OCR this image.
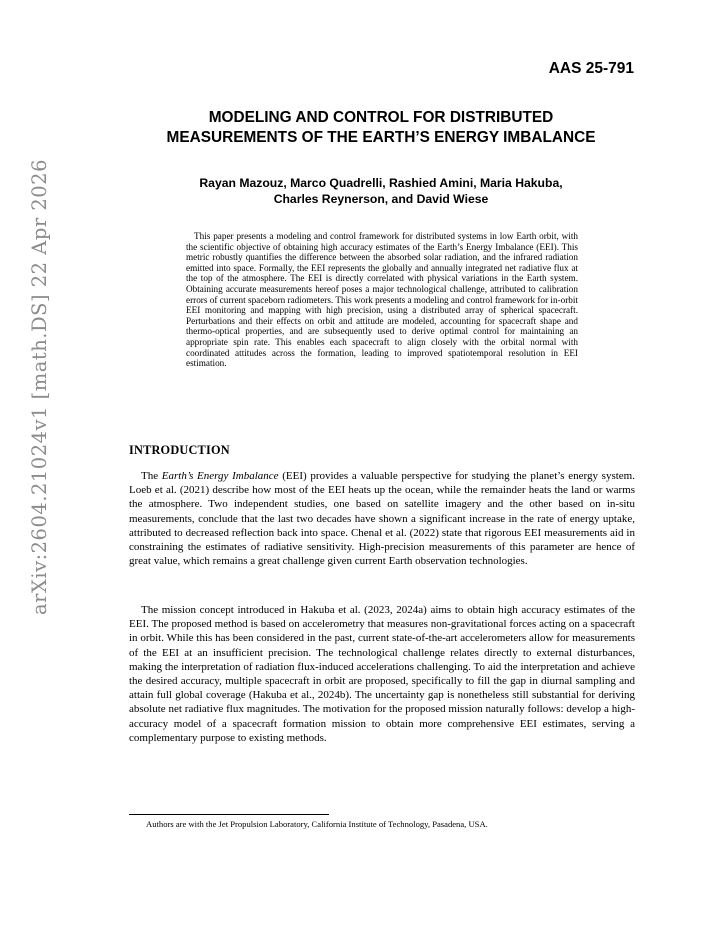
arXiv:2604.21024v1 [math.DS] 22 Apr 2026
AAS 25-791
MODELING AND CONTROL FOR DISTRIBUTED
MEASUREMENTS OF THE EARTH’S ENERGY IMBALANCE
Rayan Mazouz, Marco Quadrelli, Rashied Amini, Maria Hakuba,
Charles Reynerson, and David Wiese
This paper presents a modeling and control framework for distributed systems in low Earth orbit, with the scientific objective of obtaining high accuracy estimates of the Earth’s Energy Imbalance (EEI). This metric robustly quantifies the difference between the absorbed solar radiation, and the infrared radiation emitted into space. Formally, the EEI represents the globally and annually integrated net radiative flux at the top of the atmosphere. The EEI is directly correlated with physical variations in the Earth system. Obtaining accurate measurements hereof poses a major technological challenge, attributed to calibration errors of current spaceborn radiometers. This work presents a modeling and control framework for in-orbit EEI monitoring and mapping with high precision, using a distributed array of spherical spacecraft. Perturbations and their effects on orbit and attitude are modeled, accounting for spacecraft shape and thermo-optical properties, and are subsequently used to derive optimal control for maintaining an appropriate spin rate. This enables each spacecraft to align closely with the orbital normal with coordinated attitudes across the formation, leading to improved spatiotemporal resolution in EEI estimation.
INTRODUCTION

The Earth’s Energy Imbalance (EEI) provides a valuable perspective for studying the planet’s energy system. Loeb et al. (2021) describe how most of the EEI heats up the ocean, while the remainder heats the land or warms the atmosphere. Two independent studies, one based on satellite imagery and the other based on in-situ measurements, conclude that the last two decades have shown a significant increase in the rate of energy uptake, attributed to decreased reflection back into space. Chenal et al. (2022) state that rigorous EEI measurements aid in constraining the estimates of radiative sensitivity. High-precision measurements of this parameter are hence of great value, which remains a great challenge given current Earth observation technologies.

The mission concept introduced in Hakuba et al. (2023, 2024a) aims to obtain high accuracy estimates of the EEI. The proposed method is based on accelerometry that measures non-gravitational forces acting on a spacecraft in orbit. While this has been considered in the past, current state-of-the-art accelerometers allow for measurements of the EEI at an insufficient precision. The technological challenge relates directly to external disturbances, making the interpretation of radiation flux-induced accelerations challenging. To aid the interpretation and achieve the desired accuracy, multiple spacecraft in orbit are proposed, specifically to fill the gap in diurnal sampling and attain full global coverage (Hakuba et al., 2024b). The uncertainty gap is nonetheless still substantial for deriving absolute net radiative flux magnitudes. The motivation for the proposed mission naturally follows: develop a high-accuracy model of a spacecraft formation mission to obtain more comprehensive EEI estimates, serving a complementary purpose to existing methods.

Authors are with the Jet Propulsion Laboratory, California Institute of Technology, Pasadena, USA.
